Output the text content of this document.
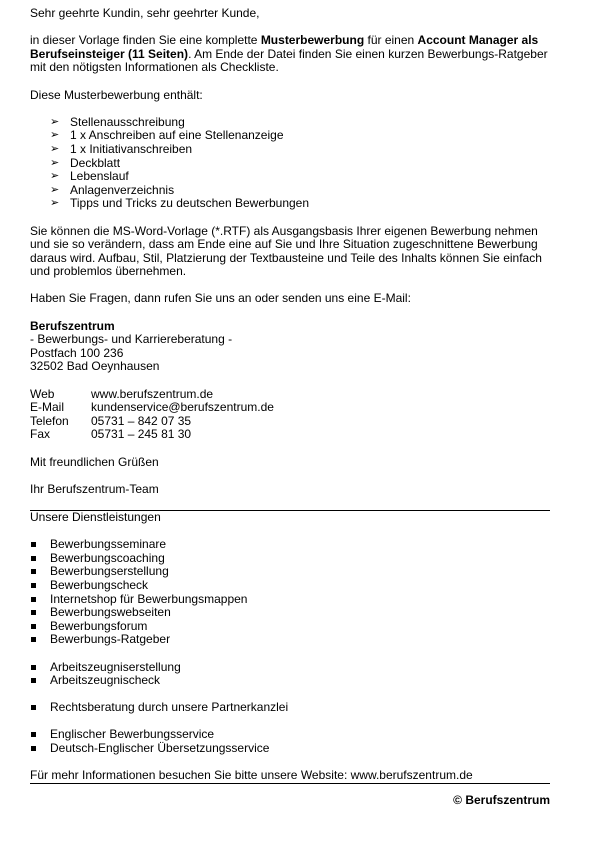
Sehr geehrte Kundin, sehr geehrter Kunde,

in dieser Vorlage finden Sie eine komplette Musterbewerbung für einen Account Manager als Berufseinsteiger (11 Seiten). Am Ende der Datei finden Sie einen kurzen Bewerbungs-Ratgeber mit den nötigsten Informationen als Checkliste.

Diese Musterbewerbung enthält:

➢ Stellenausschreibung
➢ 1 x Anschreiben auf eine Stellenanzeige
➢ 1 x Initiativanschreiben
➢ Deckblatt
➢ Lebenslauf
➢ Anlagenverzeichnis
➢ Tipps und Tricks zu deutschen Bewerbungen

Sie können die MS-Word-Vorlage (*.RTF) als Ausgangsbasis Ihrer eigenen Bewerbung nehmen und sie so verändern, dass am Ende eine auf Sie und Ihre Situation zugeschnittene Bewerbung daraus wird. Aufbau, Stil, Platzierung der Textbausteine und Teile des Inhalts können Sie einfach und problemlos übernehmen.

Haben Sie Fragen, dann rufen Sie uns an oder senden uns eine E-Mail:

Berufszentrum

- Bewerbungs- und Karriereberatung -

Postfach 100 236

32502 Bad Oeynhausen

Web	www.berufszentrum.de

E-Mail kundenservice@berufszentrum.de

Telefon 05731 – 842 07 35

Fax	05731 – 245 81 30

Mit freundlichen Grüßen

Ihr Berufszentrum-Team

Unsere Dienstleistungen

Bewerbungsseminare
Bewerbungscoaching
Bewerbungserstellung
Bewerbungscheck
Internetshop für Bewerbungsmappen
Bewerbungswebseiten
Bewerbungsforum
Bewerbungs-Ratgeber
Arbeitszeugniserstellung
Arbeitszeugnischeck
Rechtsberatung durch unsere Partnerkanzlei
Englischer Bewerbungsservice
Deutsch-Englischer Übersetzungsservice

Für mehr Informationen besuchen Sie bitte unsere Website: www.berufszentrum.de

© Berufszentrum
